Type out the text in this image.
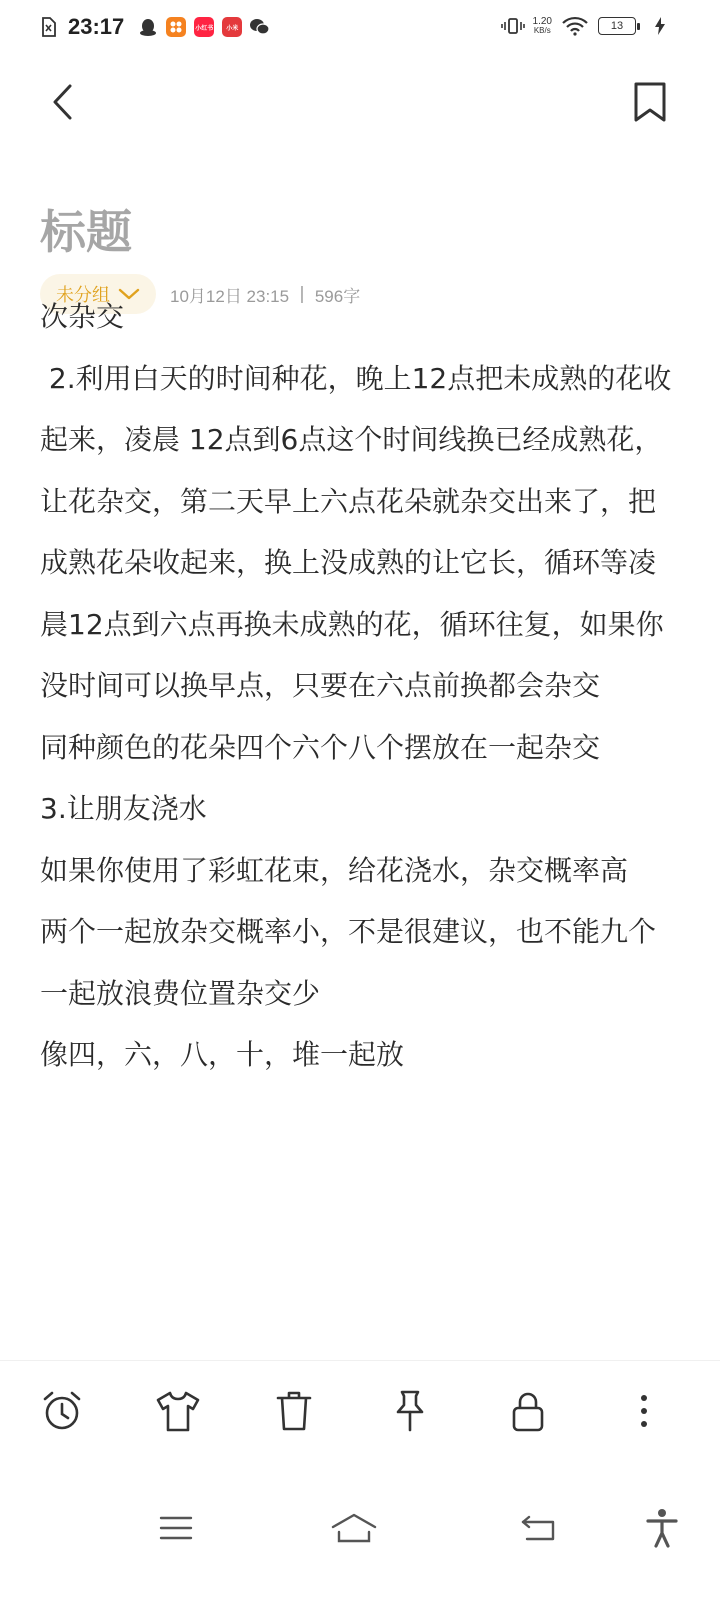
23:17	小红书 小米
1.20
KB/s	13
标题
未分组	10月12日 23:15 | 596字

次杂交

2.利用白天的时间种花，晚上12点把未成熟的花收起来，凌晨 12点到6点这个时间线换已经成熟花，让花杂交，第二天早上六点花朵就杂交出来了，把成熟花朵收起来，换上没成熟的让它长，循环等凌晨12点到六点再换未成熟的花，循环往复，如果你没时间可以换早点，只要在六点前换都会杂交

同种颜色的花朵四个六个八个摆放在一起杂交

3.让朋友浇水

如果你使用了彩虹花束，给花浇水，杂交概率高

两个一起放杂交概率小，不是很建议，也不能九个一起放浪费位置杂交少

像四，六，八，十，堆一起放
